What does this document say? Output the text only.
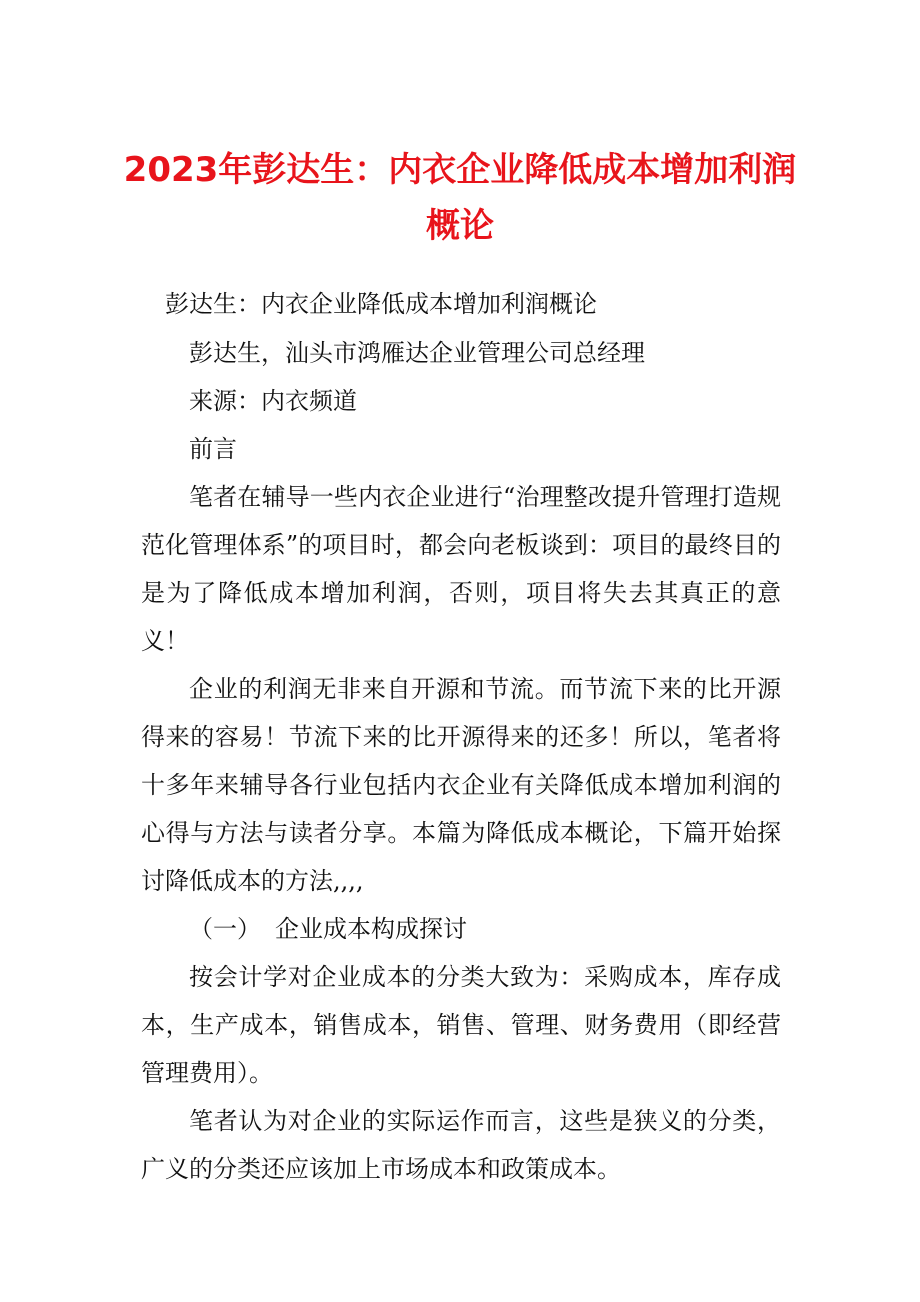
2023年彭达生：内衣企业降低成本增加利润概论

彭达生：内衣企业降低成本增加利润概论

彭达生，汕头市鸿雁达企业管理公司总经理

来源：内衣频道

前言

笔者在辅导一些内衣企业进行“治理整改提升管理打造规范化管理体系”的项目时，都会向老板谈到：项目的最终目的是为了降低成本增加利润，否则，项目将失去其真正的意义！

企业的利润无非来自开源和节流。而节流下来的比开源得来的容易！节流下来的比开源得来的还多！所以，笔者将十多年来辅导各行业包括内衣企业有关降低成本增加利润的心得与方法与读者分享。本篇为降低成本概论，下篇开始探讨降低成本的方法,,,,

（一） 企业成本构成探讨

按会计学对企业成本的分类大致为：采购成本，库存成本，生产成本，销售成本，销售、管理、财务费用（即经营管理费用）。

笔者认为对企业的实际运作而言，这些是狭义的分类，广义的分类还应该加上市场成本和政策成本。
